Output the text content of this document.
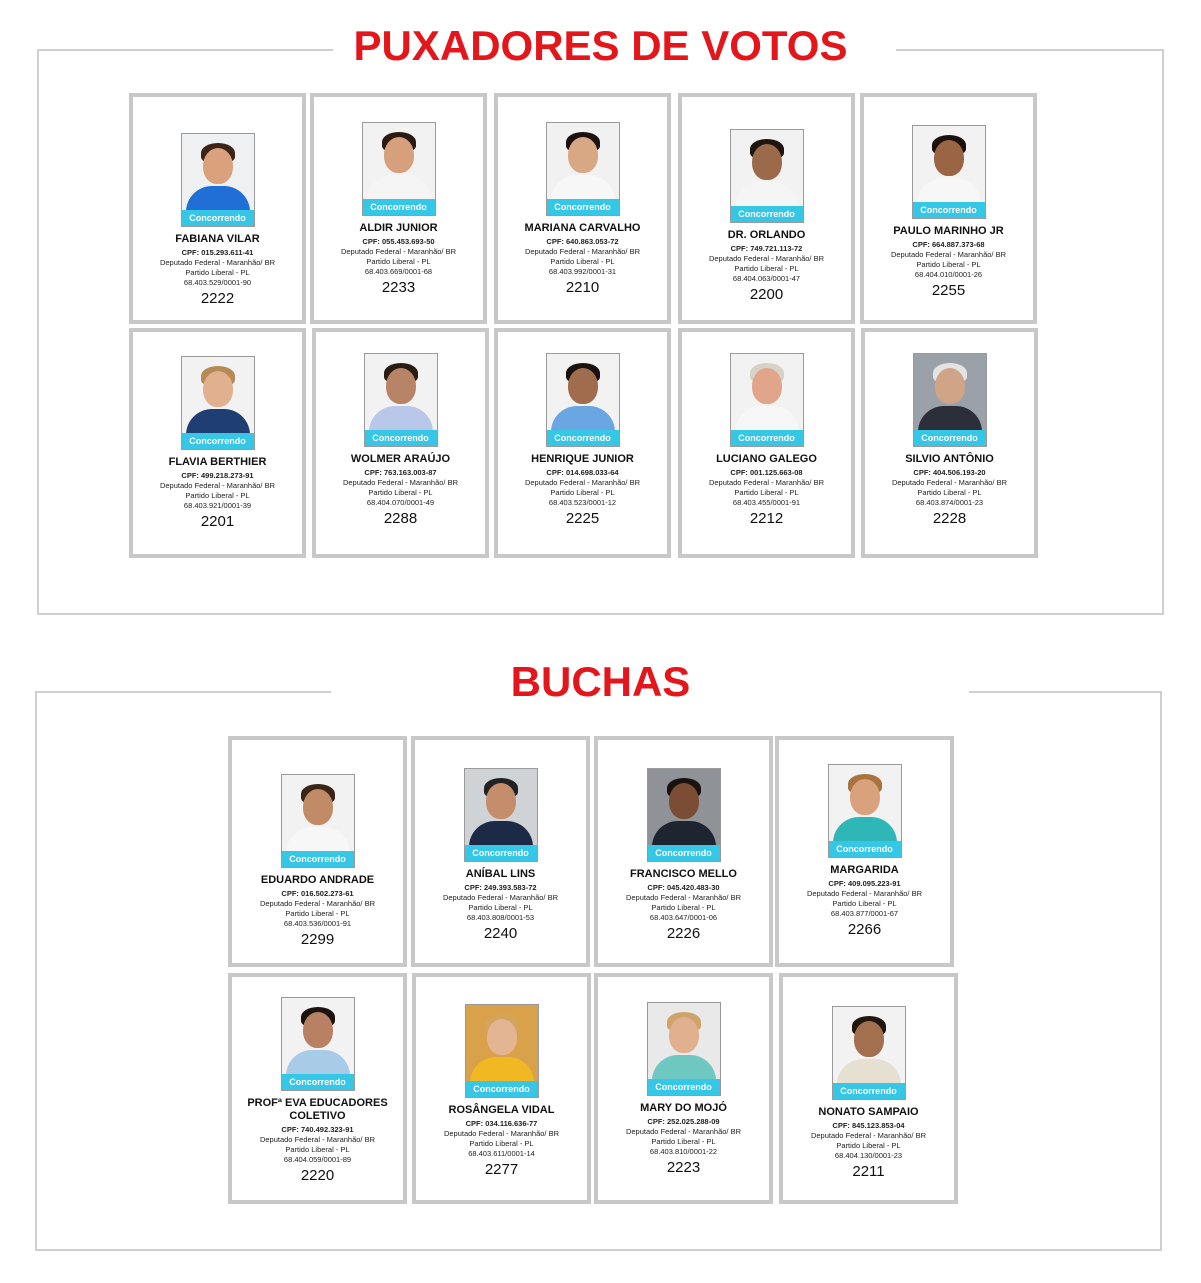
PUXADORES DE VOTOS
BUCHAS
Concorrendo
FABIANA VILAR
CPF: 015.293.611-41
Deputado Federal - Maranhão/ BR
Partido Liberal - PL
68.403.529/0001-90
2222
Concorrendo
ALDIR JUNIOR
CPF: 055.453.693-50
Deputado Federal - Maranhão/ BR
Partido Liberal - PL
68.403.669/0001-68
2233
Concorrendo
MARIANA CARVALHO
CPF: 640.863.053-72
Deputado Federal - Maranhão/ BR
Partido Liberal - PL
68.403.992/0001-31
2210
Concorrendo
DR. ORLANDO
CPF: 749.721.113-72
Deputado Federal - Maranhão/ BR
Partido Liberal - PL
68.404.063/0001-47
2200
Concorrendo
PAULO MARINHO JR
CPF: 664.887.373-68
Deputado Federal - Maranhão/ BR
Partido Liberal - PL
68.404.010/0001-26
2255
Concorrendo
FLAVIA BERTHIER
CPF: 499.218.273-91
Deputado Federal - Maranhão/ BR
Partido Liberal - PL
68.403.921/0001-39
2201
Concorrendo
WOLMER ARAÚJO
CPF: 763.163.003-87
Deputado Federal - Maranhão/ BR
Partido Liberal - PL
68.404.070/0001-49
2288
Concorrendo
HENRIQUE JUNIOR
CPF: 014.698.033-64
Deputado Federal - Maranhão/ BR
Partido Liberal - PL
68.403.523/0001-12
2225
Concorrendo
LUCIANO GALEGO
CPF: 001.125.663-08
Deputado Federal - Maranhão/ BR
Partido Liberal - PL
68.403.455/0001-91
2212
Concorrendo
SILVIO ANTÔNIO
CPF: 404.506.193-20
Deputado Federal - Maranhão/ BR
Partido Liberal - PL
68.403.874/0001-23
2228
Concorrendo
EDUARDO ANDRADE
CPF: 016.502.273-61
Deputado Federal - Maranhão/ BR
Partido Liberal - PL
68.403.536/0001-91
2299
Concorrendo
ANÍBAL LINS
CPF: 249.393.583-72
Deputado Federal - Maranhão/ BR
Partido Liberal - PL
68.403.808/0001-53
2240
Concorrendo
FRANCISCO MELLO
CPF: 045.420.483-30
Deputado Federal - Maranhão/ BR
Partido Liberal - PL
68.403.647/0001-06
2226
Concorrendo
MARGARIDA
CPF: 409.095.223-91
Deputado Federal - Maranhão/ BR
Partido Liberal - PL
68.403.877/0001-67
2266
Concorrendo
PROFª EVA EDUCADORES COLETIVO
CPF: 740.492.323-91
Deputado Federal - Maranhão/ BR
Partido Liberal - PL
68.404.059/0001-89
2220
Concorrendo
ROSÂNGELA VIDAL
CPF: 034.116.636-77
Deputado Federal - Maranhão/ BR
Partido Liberal - PL
68.403.611/0001-14
2277
Concorrendo
MARY DO MOJÓ
CPF: 252.025.288-09
Deputado Federal - Maranhão/ BR
Partido Liberal - PL
68.403.810/0001-22
2223
Concorrendo
NONATO SAMPAIO
CPF: 845.123.853-04
Deputado Federal - Maranhão/ BR
Partido Liberal - PL
68.404.130/0001-23
2211
